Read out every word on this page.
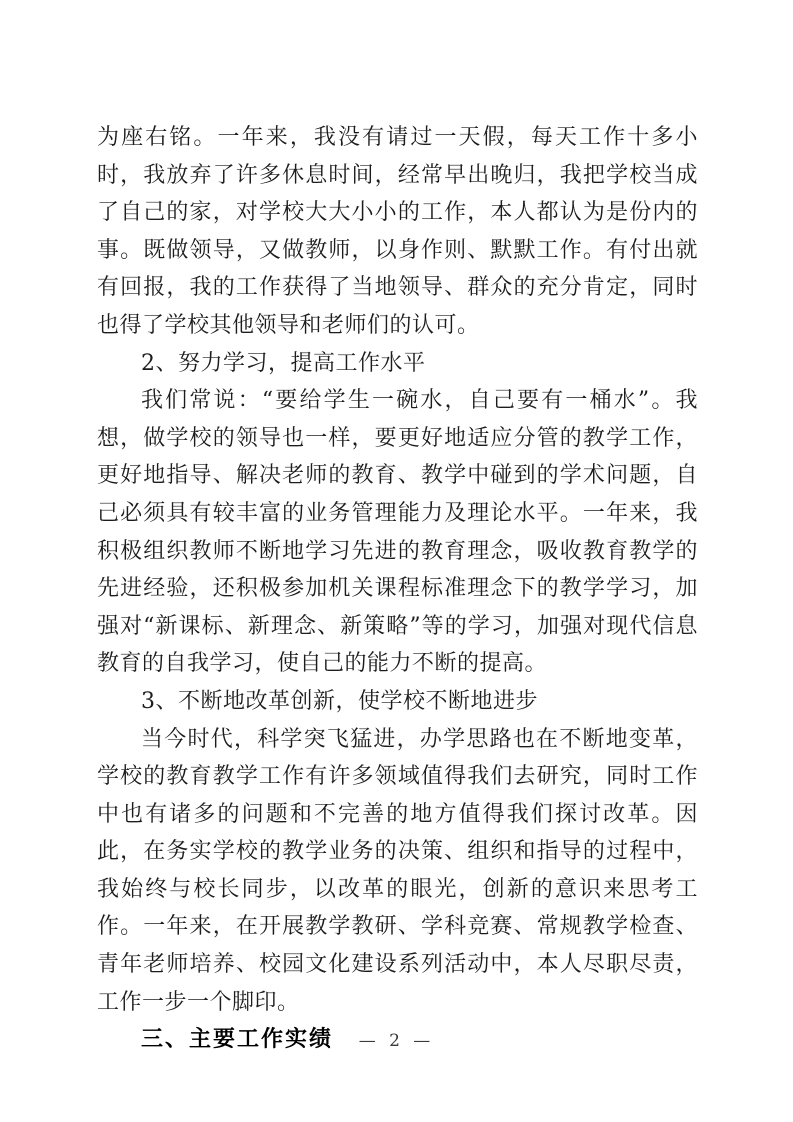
为座右铭。一年来，我没有请过一天假，每天工作十多小时，我放弃了许多休息时间，经常早出晚归，我把学校当成了自己的家，对学校大大小小的工作，本人都认为是份内的事。既做领导，又做教师，以身作则、默默工作。有付出就有回报，我的工作获得了当地领导、群众的充分肯定，同时也得了学校其他领导和老师们的认可。

2、努力学习，提高工作水平

我们常说：“要给学生一碗水，自己要有一桶水”。我想，做学校的领导也一样，要更好地适应分管的教学工作，更好地指导、解决老师的教育、教学中碰到的学术问题，自己必须具有较丰富的业务管理能力及理论水平。一年来，我积极组织教师不断地学习先进的教育理念，吸收教育教学的先进经验，还积极参加机关课程标准理念下的教学学习，加强对“新课标、新理念、新策略”等的学习，加强对现代信息教育的自我学习，使自己的能力不断的提高。

3、不断地改革创新，使学校不断地进步

当今时代，科学突飞猛进，办学思路也在不断地变革，学校的教育教学工作有许多领域值得我们去研究，同时工作中也有诸多的问题和不完善的地方值得我们探讨改革。因此，在务实学校的教学业务的决策、组织和指导的过程中，我始终与校长同步，以改革的眼光，创新的意识来思考工作。一年来，在开展教学教研、学科竞赛、常规教学检查、青年老师培养、校园文化建设系列活动中，本人尽职尽责，工作一步一个脚印。

三、主要工作实绩	— 2 —
